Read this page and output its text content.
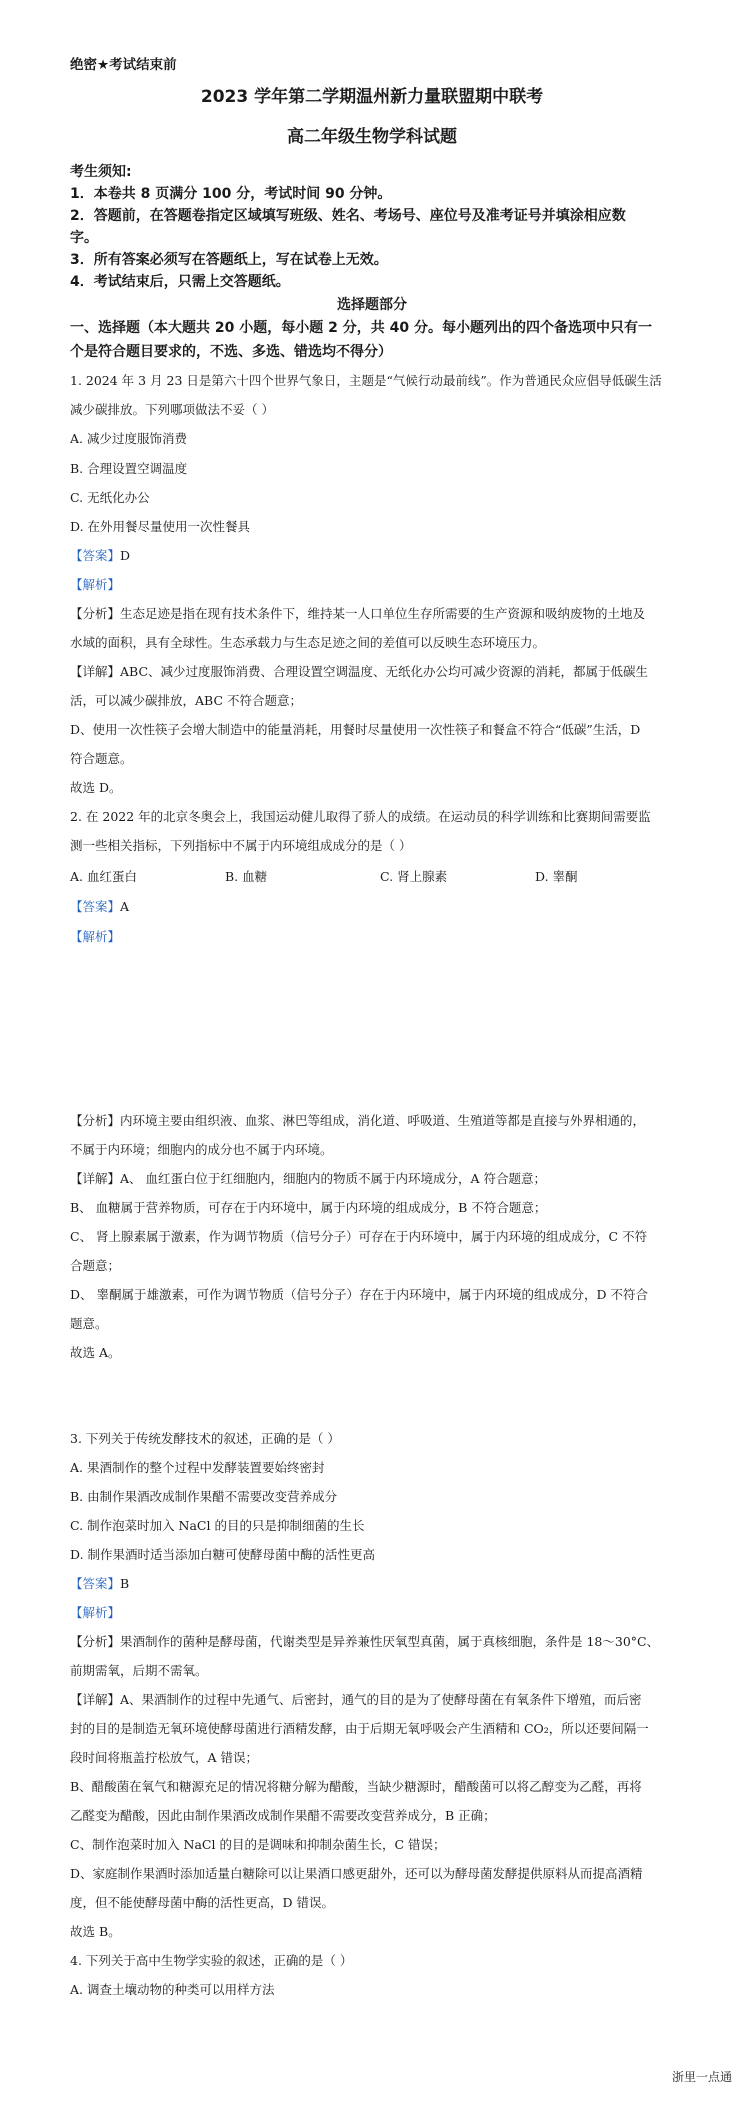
绝密★考试结束前
2023 学年第二学期温州新力量联盟期中联考
高二年级生物学科试题
考生须知:
1．本卷共 8 页满分 100 分，考试时间 90 分钟。
2．答题前，在答题卷指定区域填写班级、姓名、考场号、座位号及准考证号并填涂相应数
字。
3．所有答案必须写在答题纸上，写在试卷上无效。
4．考试结束后，只需上交答题纸。
选择题部分
一、选择题（本大题共 20 小题，每小题 2 分，共 40 分。每小题列出的四个备选项中只有一
个是符合题目要求的，不选、多选、错选均不得分）
1. 2024 年 3 月 23 日是第六十四个世界气象日，主题是“气候行动最前线”。作为普通民众应倡导低碳生活
减少碳排放。下列哪项做法不妥（ ）
A. 减少过度服饰消费
B. 合理设置空调温度
C. 无纸化办公
D. 在外用餐尽量使用一次性餐具
【答案】D
【解析】
【分析】生态足迹是指在现有技术条件下，维持某一人口单位生存所需要的生产资源和吸纳废物的土地及
水域的面积，具有全球性。生态承载力与生态足迹之间的差值可以反映生态环境压力。
【详解】ABC、减少过度服饰消费、合理设置空调温度、无纸化办公均可减少资源的消耗，都属于低碳生
活，可以减少碳排放，ABC 不符合题意；
D、使用一次性筷子会增大制造中的能量消耗，用餐时尽量使用一次性筷子和餐盒不符合“低碳”生活，D
符合题意。
故选 D。
2. 在 2022 年的北京冬奥会上，我国运动健儿取得了骄人的成绩。在运动员的科学训练和比赛期间需要监
测一些相关指标，下列指标中不属于内环境组成成分的是（ ）
A. 血红蛋白	B. 血糖	C. 肾上腺素	D. 睾酮
【答案】A
【解析】
【分析】内环境主要由组织液、血浆、淋巴等组成，消化道、呼吸道、生殖道等都是直接与外界相通的，
不属于内环境；细胞内的成分也不属于内环境。
【详解】A、 血红蛋白位于红细胞内，细胞内的物质不属于内环境成分，A 符合题意；
B、 血糖属于营养物质，可存在于内环境中，属于内环境的组成成分，B 不符合题意；
C、 肾上腺素属于激素，作为调节物质（信号分子）可存在于内环境中，属于内环境的组成成分，C 不符
合题意；
D、 睾酮属于雄激素，可作为调节物质（信号分子）存在于内环境中，属于内环境的组成成分，D 不符合
题意。
故选 A。
3. 下列关于传统发酵技术的叙述，正确的是（ ）
A. 果酒制作的整个过程中发酵装置要始终密封
B. 由制作果酒改成制作果醋不需要改变营养成分
C. 制作泡菜时加入 NaCl 的目的只是抑制细菌的生长
D. 制作果酒时适当添加白糖可使酵母菌中酶的活性更高
【答案】B
【解析】
【分析】果酒制作的菌种是酵母菌，代谢类型是异养兼性厌氧型真菌，属于真核细胞，条件是 18～30°C、
前期需氧，后期不需氧。
【详解】A、果酒制作的过程中先通气、后密封，通气的目的是为了使酵母菌在有氧条件下增殖，而后密
封的目的是制造无氧环境使酵母菌进行酒精发酵，由于后期无氧呼吸会产生酒精和 CO₂，所以还要间隔一
段时间将瓶盖拧松放气，A 错误；
B、醋酸菌在氧气和糖源充足的情况将糖分解为醋酸，当缺少糖源时，醋酸菌可以将乙醇变为乙醛，再将
乙醛变为醋酸，因此由制作果酒改成制作果醋不需要改变营养成分，B 正确；
C、制作泡菜时加入 NaCl 的目的是调味和抑制杂菌生长，C 错误；
D、家庭制作果酒时添加适量白糖除可以让果酒口感更甜外，还可以为酵母菌发酵提供原料从而提高酒精
度，但不能使酵母菌中酶的活性更高，D 错误。
故选 B。
4. 下列关于高中生物学实验的叙述，正确的是（ ）
A. 调查土壤动物的种类可以用样方法
浙里一点通
